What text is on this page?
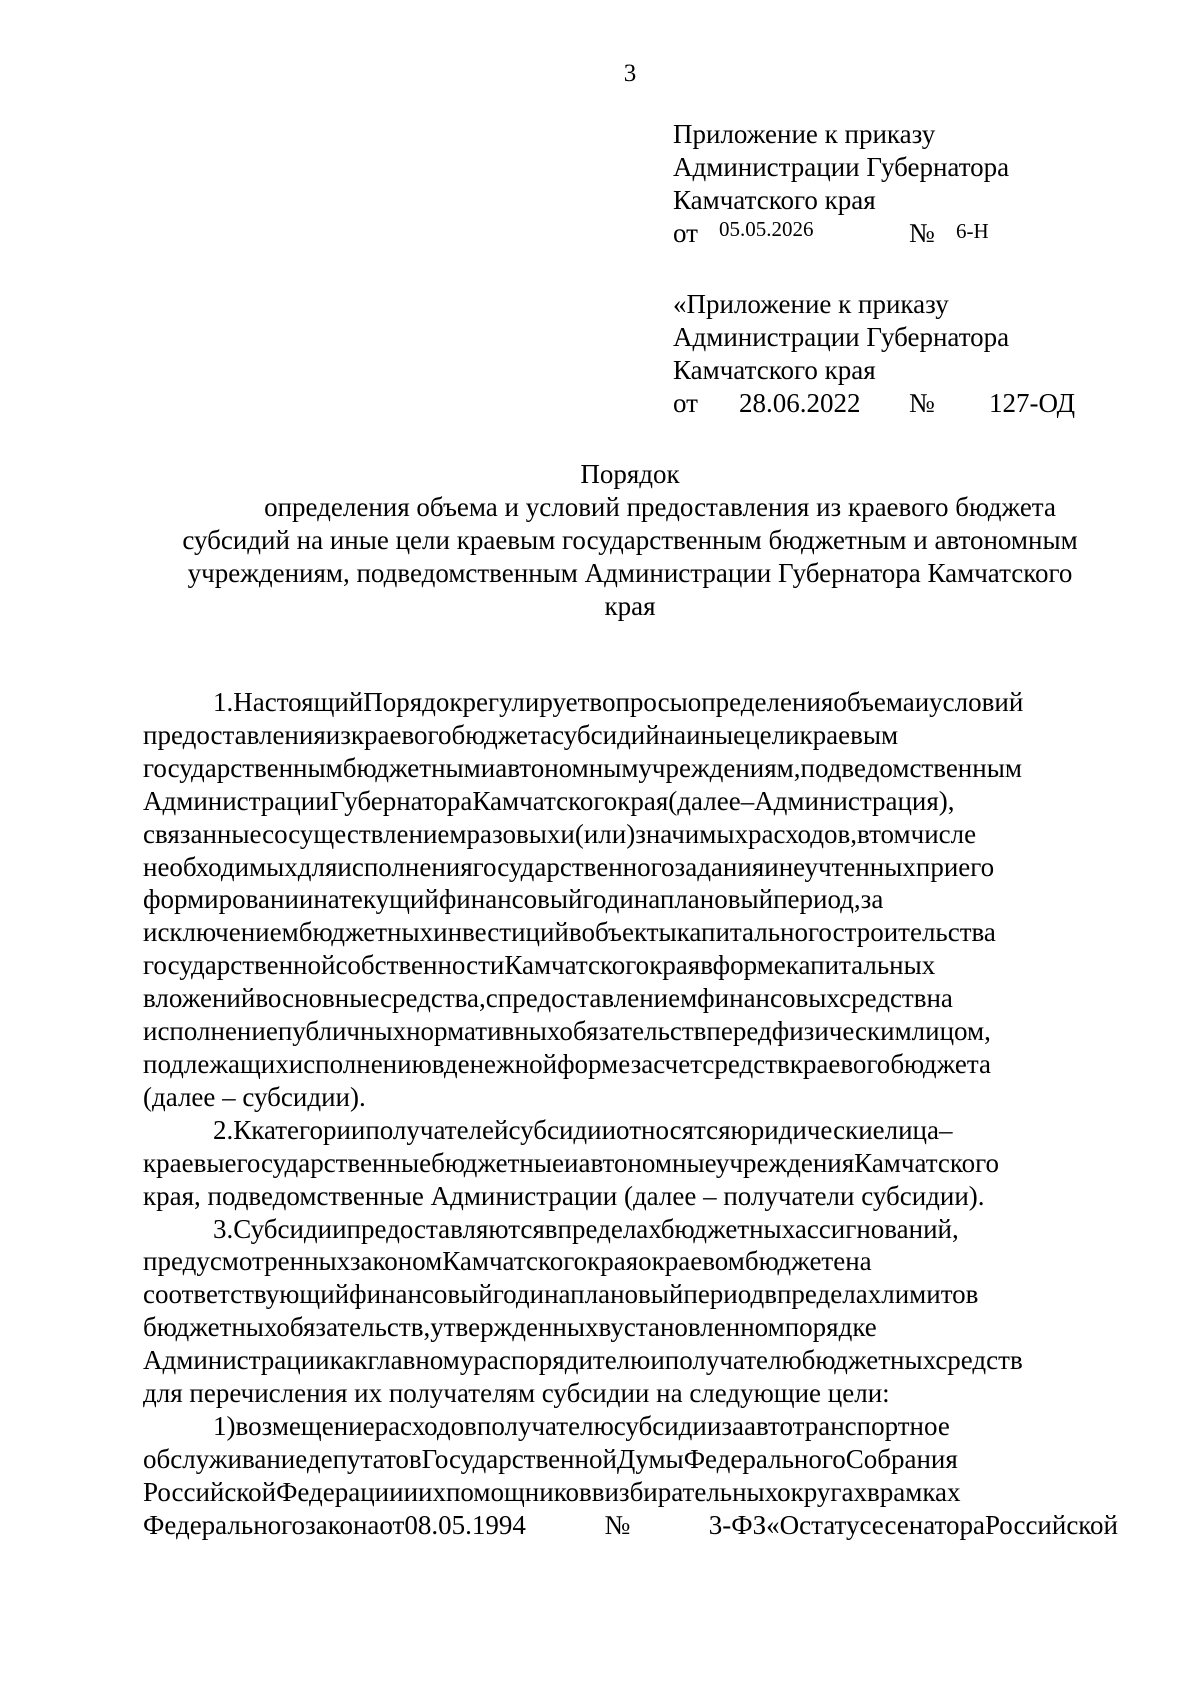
3
Приложение к приказу
Администрации Губернатора
Камчатского края
от 05.05.2026	№ 6-Н
«Приложение к приказу
Администрации Губернатора
Камчатского края
от 28.06.2022 № 127-ОД
Порядок
определения объема и условий предоставления из краевого бюджета
субсидий на иные цели краевым государственным бюджетным и автономным
учреждениям, подведомственным Администрации Губернатора Камчатского
края
1.НастоящийПорядокрегулируетвопросыопределенияобъемаиусловий
предоставленияизкраевогобюджетасубсидийнаиныецеликраевым
государственнымбюджетнымиавтономнымучреждениям,подведомственным
АдминистрацииГубернатораКамчатскогокрая(далее–Администрация),
связанныесосуществлениемразовыхи(или)значимыхрасходов,втомчисле
необходимыхдляисполнениягосударственногозаданияинеучтенныхприего
формированиинатекущийфинансовыйгодинаплановыйпериод,за
исключениембюджетныхинвестицийвобъектыкапитальногостроительства
государственнойсобственностиКамчатскогокраявформекапитальных
вложенийвосновныесредства,спредоставлениемфинансовыхсредствна
исполнениепубличныхнормативныхобязательствпередфизическимлицом,
подлежащихисполнениювденежнойформезасчетсредствкраевогобюджета
(далее – субсидии).
2.Ккатегорииполучателейсубсидииотносятсяюридическиелица–
краевыегосударственныебюджетныеиавтономныеучрежденияКамчатского
края, подведомственные Администрации (далее – получатели субсидии).
3.Субсидиипредоставляютсявпределахбюджетныхассигнований,
предусмотренныхзакономКамчатскогокраяокраевомбюджетена
соответствующийфинансовыйгодинаплановыйпериодвпределахлимитов
бюджетныхобязательств,утвержденныхвустановленномпорядке
Администрациикакглавномураспорядителюиполучателюбюджетныхсредств
для перечисления их получателям субсидии на следующие цели:
1)возмещениерасходовполучателюсубсидиизаавтотранспортное
обслуживаниедепутатовГосударственнойДумыФедеральногоСобрания
РоссийскойФедерациииихпомощниковвизбирательныхокругахврамках
Федеральногозаконаот08.05.1994№3-ФЗ«ОстатусесенатораРоссийской
